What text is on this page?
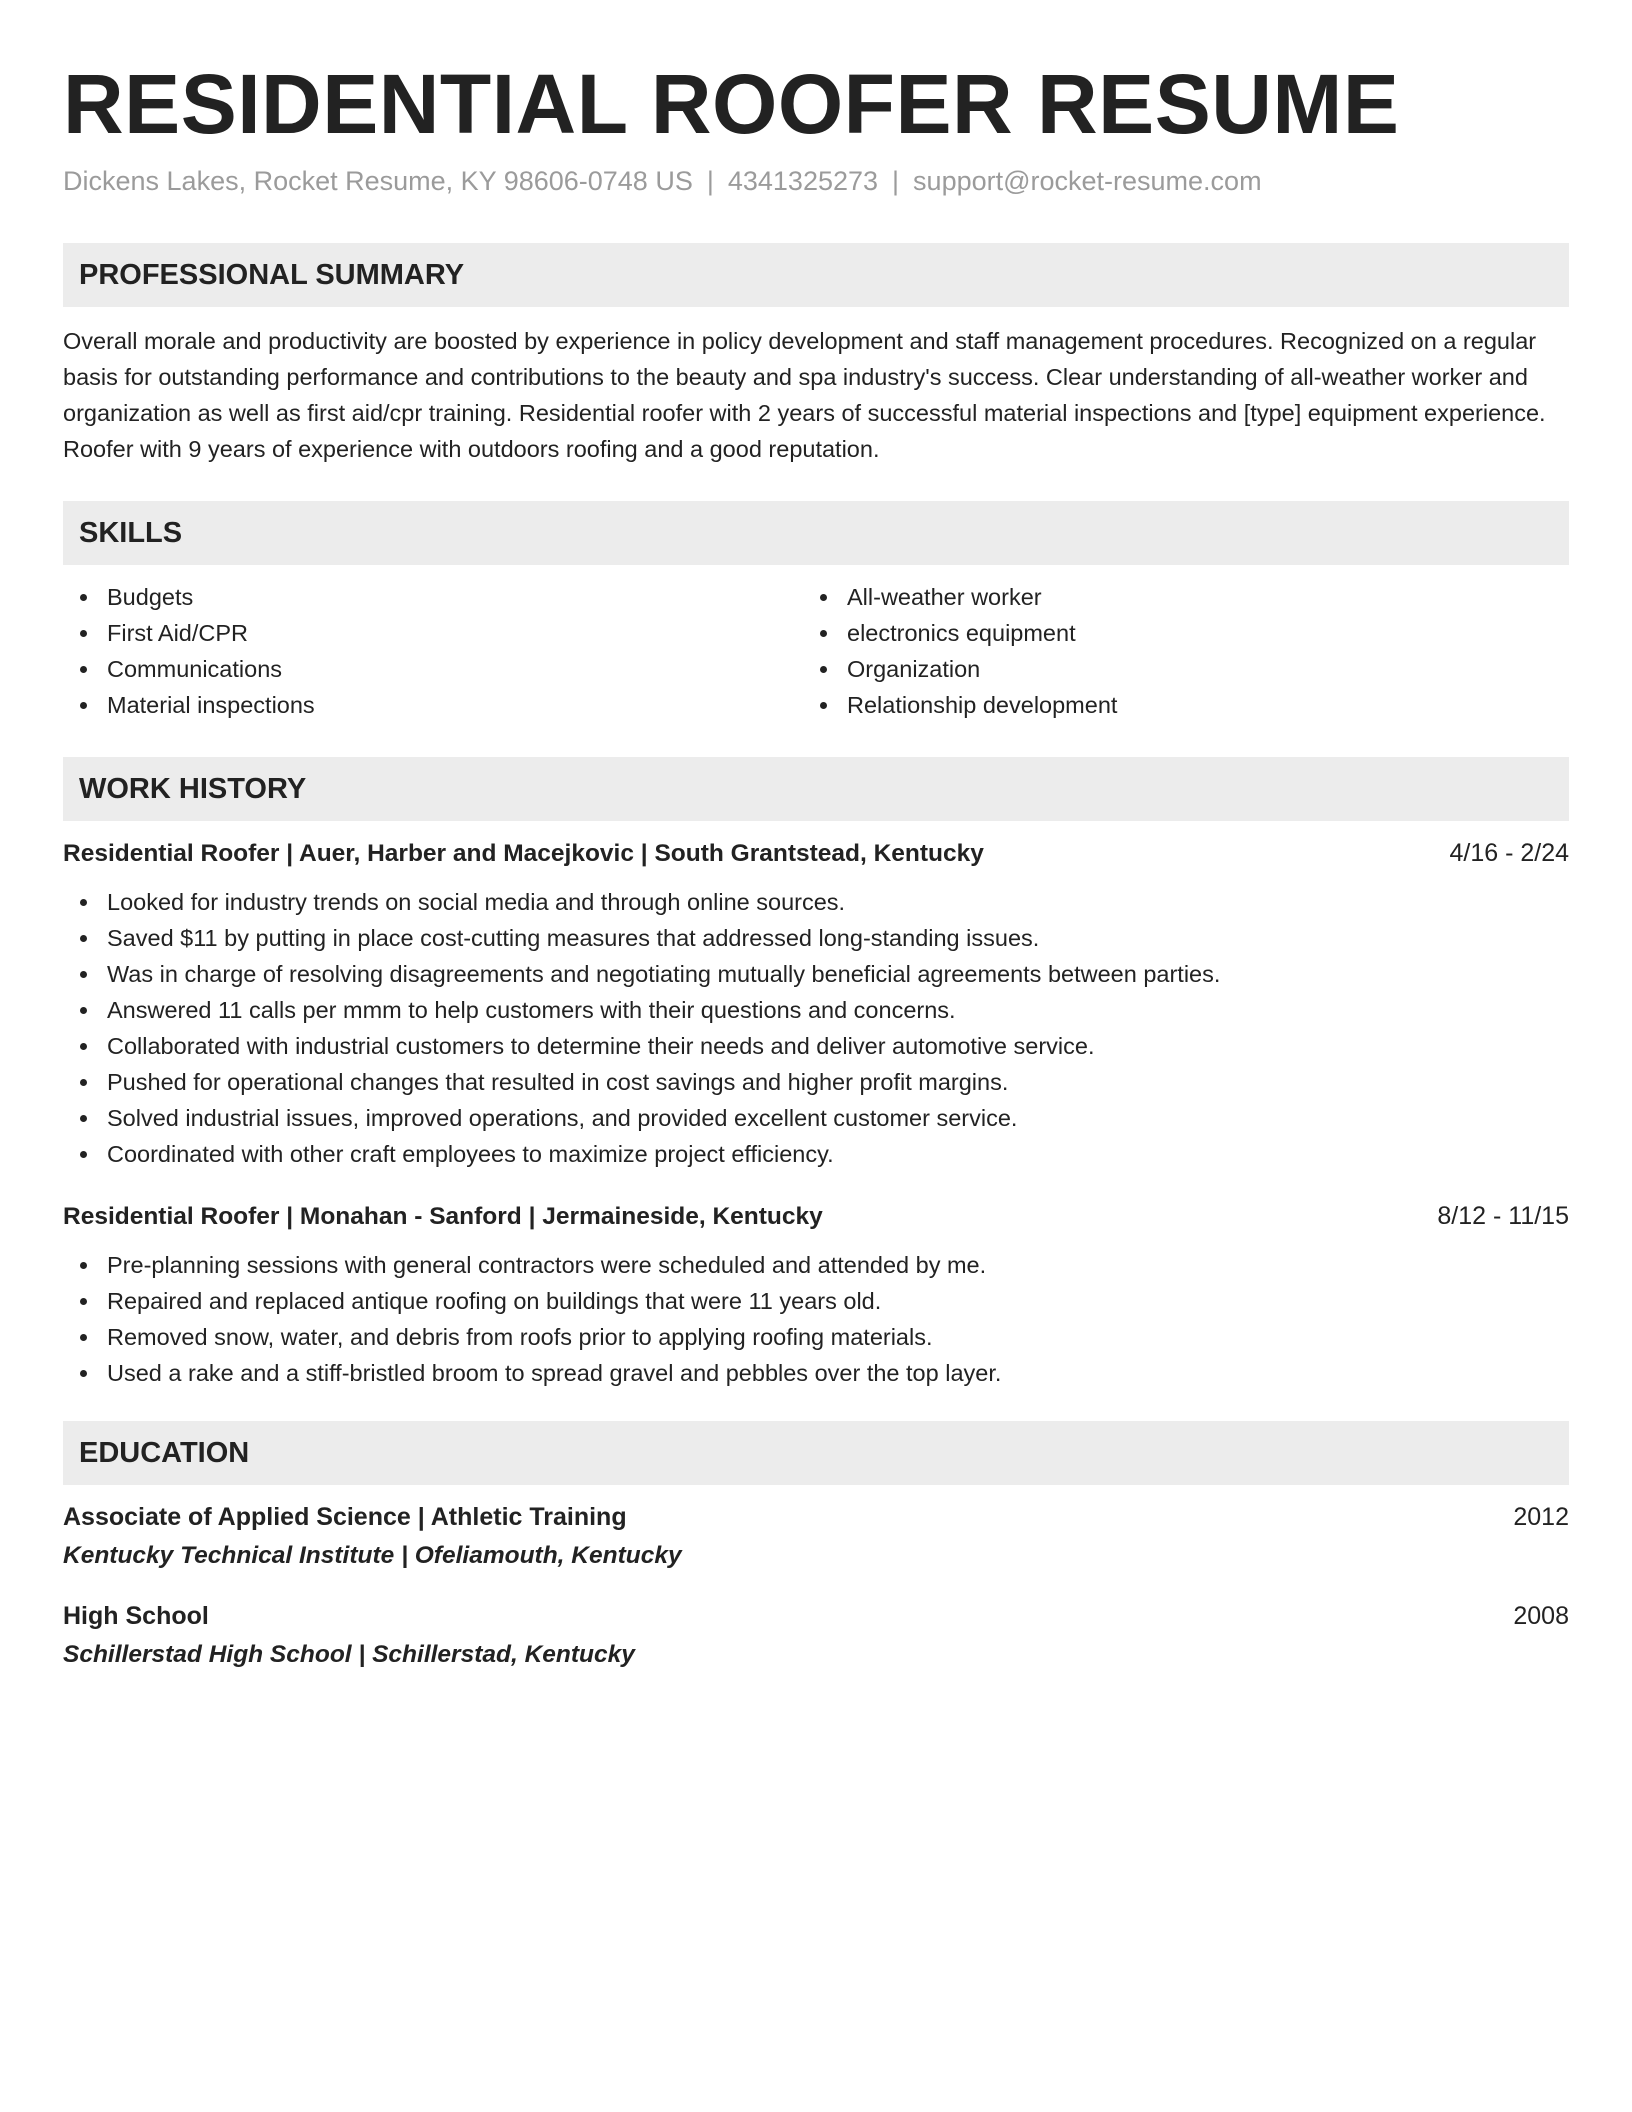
RESIDENTIAL ROOFER RESUME
Dickens Lakes, Rocket Resume, KY 98606-0748 US | 4341325273 | support@rocket-resume.com
PROFESSIONAL SUMMARY
Overall morale and productivity are boosted by experience in policy development and staff management procedures. Recognized on a regular basis for outstanding performance and contributions to the beauty and spa industry's success. Clear understanding of all-weather worker and organization as well as first aid/cpr training. Residential roofer with 2 years of successful material inspections and [type] equipment experience. Roofer with 9 years of experience with outdoors roofing and a good reputation.
SKILLS
Budgets
First Aid/CPR
Communications
Material inspections
All-weather worker
electronics equipment
Organization
Relationship development
WORK HISTORY
Residential Roofer | Auer, Harber and Macejkovic | South Grantstead, Kentucky	4/16 - 2/24
Looked for industry trends on social media and through online sources.
Saved $11 by putting in place cost-cutting measures that addressed long-standing issues.
Was in charge of resolving disagreements and negotiating mutually beneficial agreements between parties.
Answered 11 calls per mmm to help customers with their questions and concerns.
Collaborated with industrial customers to determine their needs and deliver automotive service.
Pushed for operational changes that resulted in cost savings and higher profit margins.
Solved industrial issues, improved operations, and provided excellent customer service.
Coordinated with other craft employees to maximize project efficiency.
Residential Roofer | Monahan - Sanford | Jermaineside, Kentucky	8/12 - 11/15
Pre-planning sessions with general contractors were scheduled and attended by me.
Repaired and replaced antique roofing on buildings that were 11 years old.
Removed snow, water, and debris from roofs prior to applying roofing materials.
Used a rake and a stiff-bristled broom to spread gravel and pebbles over the top layer.
EDUCATION
Associate of Applied Science | Athletic Training	2012
Kentucky Technical Institute | Ofeliamouth, Kentucky
High School	2008
Schillerstad High School | Schillerstad, Kentucky
